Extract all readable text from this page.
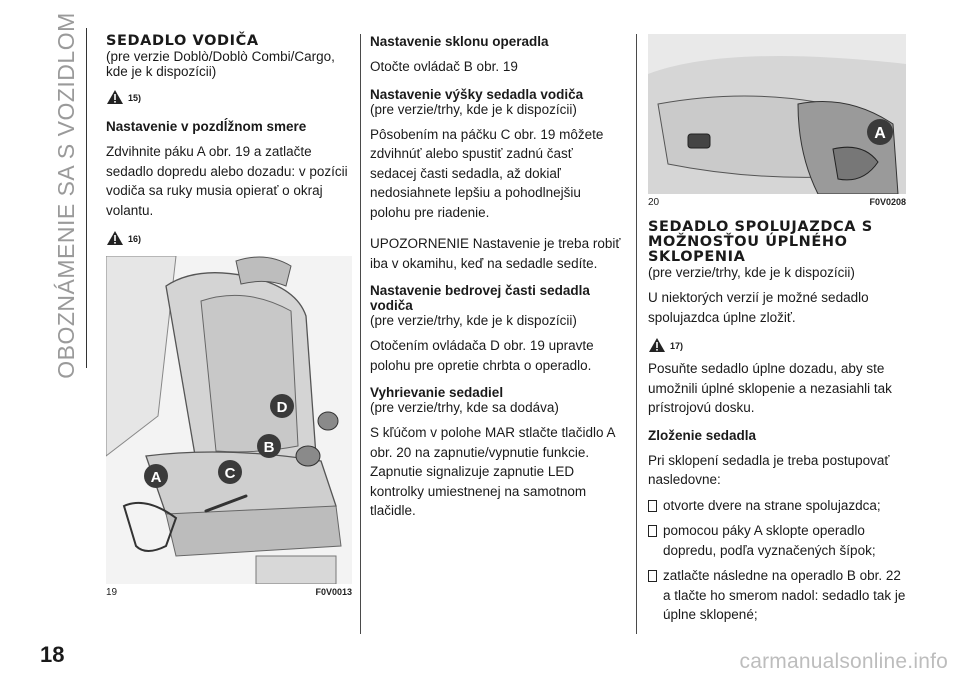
OBOZNÁMENIE SA S VOZIDLOM
18	carmanualsonline.info
SEDADLO VODIČA
(pre verzie Doblò/Doblò Combi/Cargo, kde je k dispozícii)
15)
Nastavenie v pozdĺžnom smere
Zdvihnite páku A obr. 19 a zatlačte sedadlo dopredu alebo dozadu: v pozícii vodiča sa ruky musia opierať o okraj volantu.
16)
A
B
C
D
19	F0V0013
Nastavenie sklonu operadla
Otočte ovládač B obr. 19
Nastavenie výšky sedadla vodiča
(pre verzie/trhy, kde je k dispozícii)
Pôsobením na páčku C obr. 19 môžete zdvihnúť alebo spustiť zadnú časť sedacej časti sedadla, až dokiaľ nedosiahnete lepšiu a pohodlnejšiu polohu pre riadenie.
UPOZORNENIE Nastavenie je treba robiť iba v okamihu, keď na sedadle sedíte.
Nastavenie bedrovej časti sedadla vodiča
(pre verzie/trhy, kde je k dispozícii)
Otočením ovládača D obr. 19 upravte polohu pre opretie chrbta o operadlo.
Vyhrievanie sedadiel
(pre verzie/trhy, kde sa dodáva)
S kľúčom v polohe MAR stlačte tlačidlo A obr. 20 na zapnutie/vypnutie funkcie. Zapnutie signalizuje zapnutie LED kontrolky umiestnenej na samotnom tlačidle.
A
20	F0V0208
SEDADLO SPOLUJAZDCA S MOŽNOSŤOU ÚPLNÉHO SKLOPENIA
(pre verzie/trhy, kde je k dispozícii)
U niektorých verzií je možné sedadlo spolujazdca úplne zložiť.
17)
Posuňte sedadlo úplne dozadu, aby ste umožnili úplné sklopenie a nezasiahli tak prístrojovú dosku.
Zloženie sedadla
Pri sklopení sedadla je treba postupovať nasledovne:
otvorte dvere na strane spolujazdca;
pomocou páky A sklopte operadlo dopredu, podľa vyznačených šípok;
zatlačte následne na operadlo B obr. 22 a tlačte ho smerom nadol: sedadlo tak je úplne sklopené;
